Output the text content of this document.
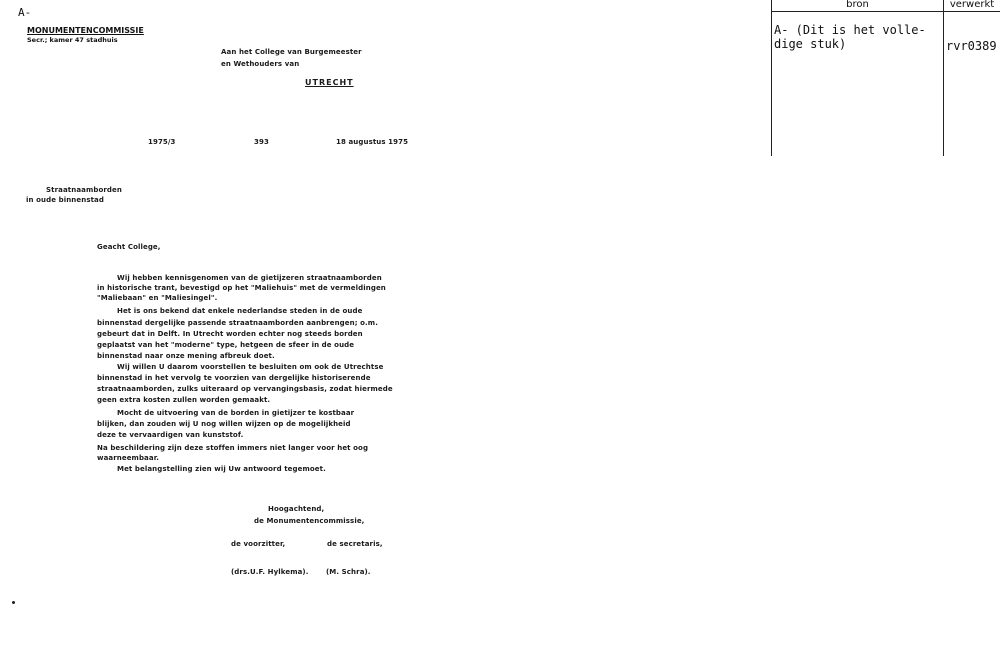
A-
MONUMENTENCOMMISSIE
Secr.; kamer 47 stadhuis
Aan het College van Burgemeester
en Wethouders van
UTRECHT
1975/3	393	18 augustus 1975
Straatnaamborden
in oude binnenstad
Geacht College,
Wij hebben kennisgenomen van de gietijzeren straatnaamborden
in historische trant, bevestigd op het "Maliehuis" met de vermeldingen
"Maliebaan" en "Maliesingel".
Het is ons bekend dat enkele nederlandse steden in de oude
binnenstad dergelijke passende straatnaamborden aanbrengen; o.m.
gebeurt dat in Delft. In Utrecht worden echter nog steeds borden
geplaatst van het "moderne" type, hetgeen de sfeer in de oude
binnenstad naar onze mening afbreuk doet.
Wij willen U daarom voorstellen te besluiten om ook de Utrechtse
binnenstad in het vervolg te voorzien van dergelijke historiserende
straatnaamborden, zulks uiteraard op vervangingsbasis, zodat hiermede
geen extra kosten zullen worden gemaakt.
Mocht de uitvoering van de borden in gietijzer te kostbaar
blijken, dan zouden wij U nog willen wijzen op de mogelijkheid
deze te vervaardigen van kunststof.
Na beschildering zijn deze stoffen immers niet langer voor het oog
waarneembaar.
Met belangstelling zien wij Uw antwoord tegemoet.
Hoogachtend,
de Monumentencommissie,
de voorzitter,	de secretaris,
(drs.U.F. Hylkema).	(M. Schra).
bron	verwerkt
A- (Dit is het volle-
dige stuk)	rvr0389
